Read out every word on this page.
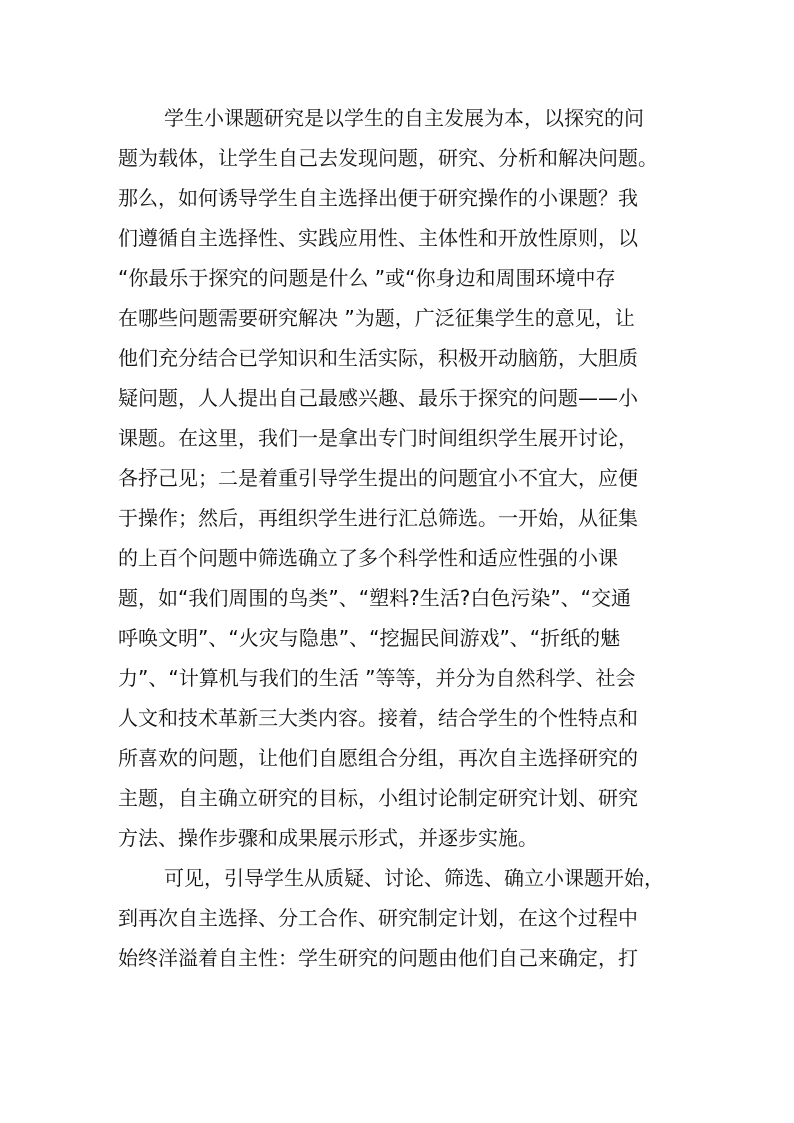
学生小课题研究是以学生的自主发展为本，以探究的问
题为载体，让学生自己去发现问题，研究、分析和解决问题。
那么，如何诱导学生自主选择出便于研究操作的小课题？我
们遵循自主选择性、实践应用性、主体性和开放性原则，以
“你最乐于探究的问题是什么 ”或“你身边和周围环境中存
在哪些问题需要研究解决 ”为题，广泛征集学生的意见，让
他们充分结合已学知识和生活实际，积极开动脑筋，大胆质
疑问题，人人提出自己最感兴趣、最乐于探究的问题——小
课题。在这里，我们一是拿出专门时间组织学生展开讨论，
各抒己见；二是着重引导学生提出的问题宜小不宜大，应便
于操作；然后，再组织学生进行汇总筛选。一开始，从征集
的上百个问题中筛选确立了多个科学性和适应性强的小课
题，如“我们周围的鸟类”、“塑料?生活?白色污染”、“交通
呼唤文明”、“火灾与隐患”、“挖掘民间游戏”、“折纸的魅
力”、“计算机与我们的生活 ”等等，并分为自然科学、社会
人文和技术革新三大类内容。接着，结合学生的个性特点和
所喜欢的问题，让他们自愿组合分组，再次自主选择研究的
主题，自主确立研究的目标，小组讨论制定研究计划、研究
方法、操作步骤和成果展示形式，并逐步实施。
可见，引导学生从质疑、讨论、筛选、确立小课题开始，
到再次自主选择、分工合作、研究制定计划，在这个过程中
始终洋溢着自主性：学生研究的问题由他们自己来确定，打
